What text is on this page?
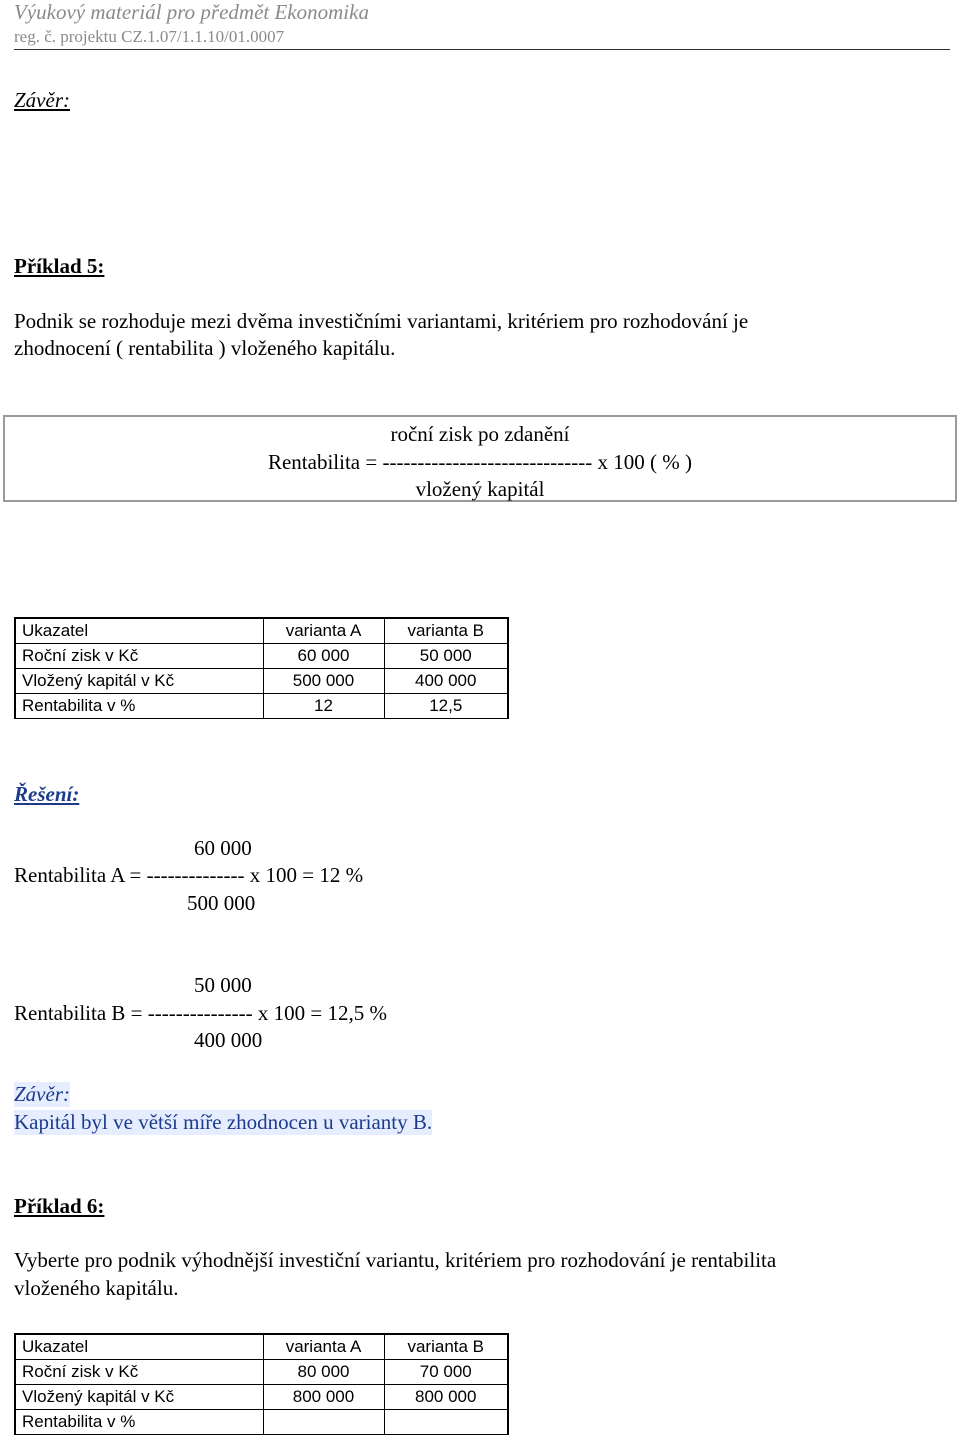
Výukový materiál pro předmět Ekonomika
reg. č. projektu CZ.1.07/1.1.10/01.0007
Závěr:
Příklad 5:
Podnik se rozhoduje mezi dvěma investičními variantami, kritériem pro rozhodování je
zhodnocení ( rentabilita ) vloženého kapitálu.
roční zisk po zdanění
Rentabilita = ------------------------------ x 100 ( % )
vložený kapitál
Ukazatel	varianta A	varianta B
Roční zisk v Kč	60 000	50 000
Vložený kapitál v Kč	500 000	400 000
Rentabilita v %	12	12,5
Řešení:
60 000
Rentabilita A = -------------- x 100 = 12 %
500 000
50 000
Rentabilita B = --------------- x 100 = 12,5 %
400 000
Závěr:
Kapitál byl ve větší míře zhodnocen u varianty B.
Příklad 6:
Vyberte pro podnik výhodnější investiční variantu, kritériem pro rozhodování je rentabilita
vloženého kapitálu.
Ukazatel	varianta A	varianta B
Roční zisk v Kč	80 000	70 000
Vložený kapitál v Kč	800 000	800 000
Rentabilita v %		
